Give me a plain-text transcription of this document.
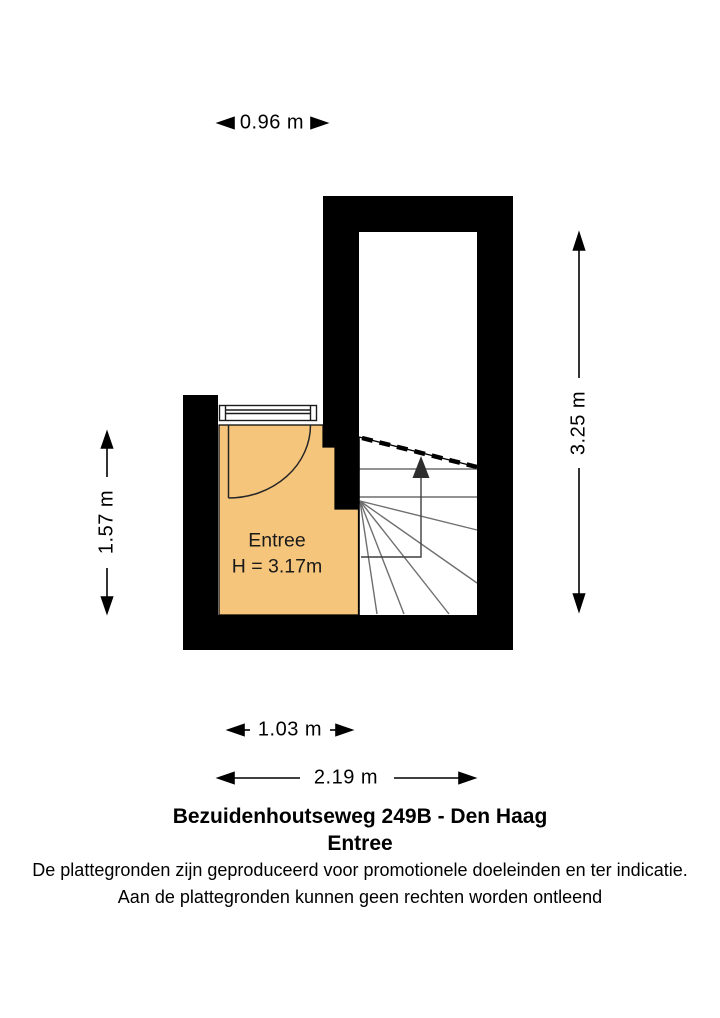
0.96 m
1.57 m
3.25 m
1.03 m
2.19 m
Entree
H = 3.17m
Bezuidenhoutseweg 249B - Den Haag
Entree
De plattegronden zijn geproduceerd voor promotionele doeleinden en ter indicatie.
Aan de plattegronden kunnen geen rechten worden ontleend
